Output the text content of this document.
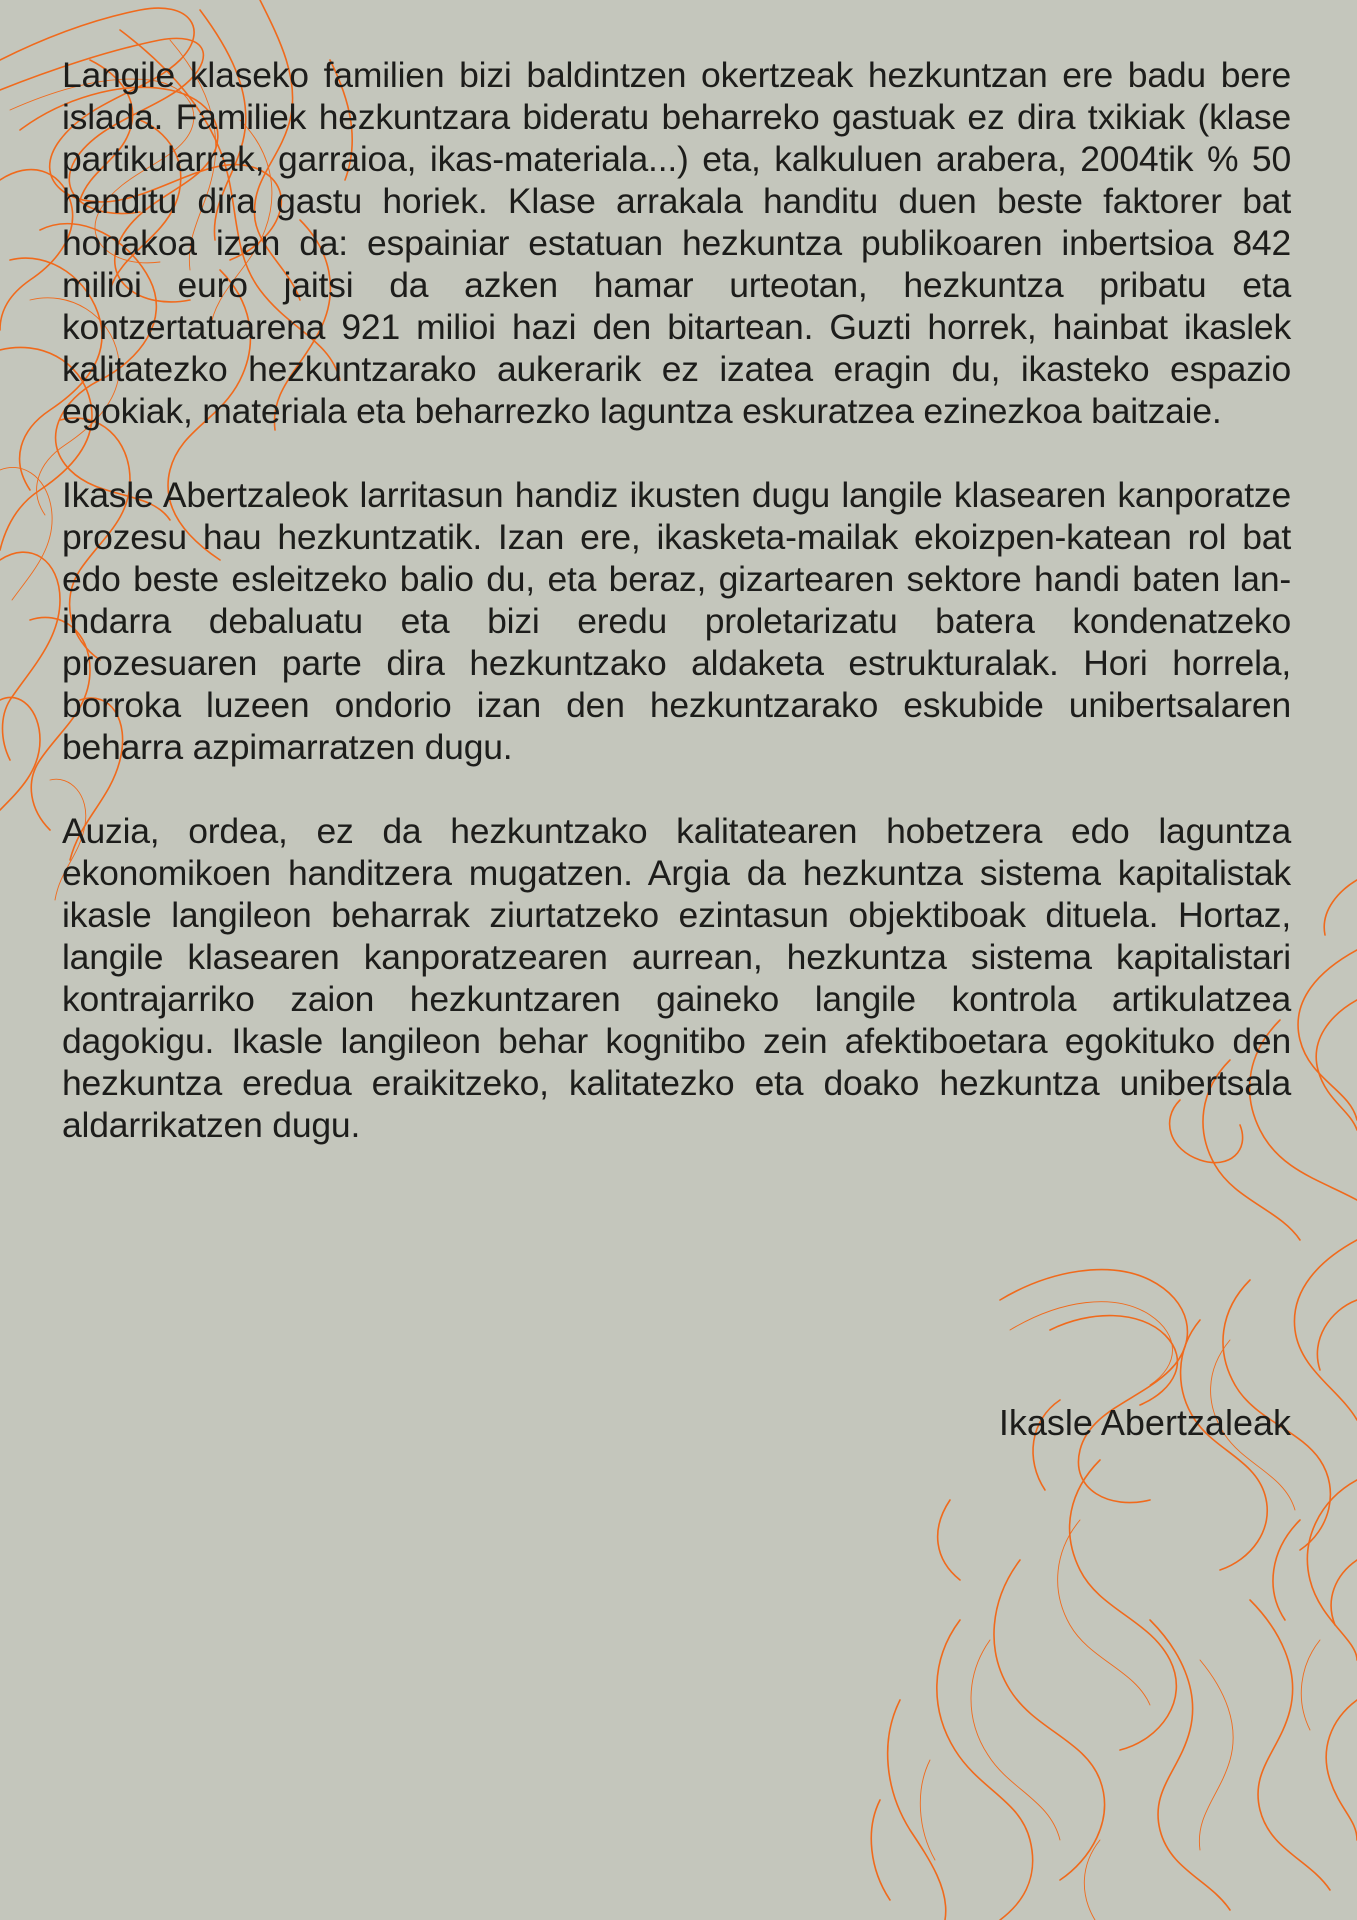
Langile klaseko familien bizi baldintzen okertzeak hezkuntzan ere badu bere islada. Familiek hezkuntzara bideratu beharreko gastuak ez dira txikiak (klase partikularrak, garraioa, ikas-materiala...) eta, kalkuluen arabera, 2004tik % 50 handitu dira gastu horiek. Klase arrakala handitu duen beste faktorer bat honakoa izan da: espainiar estatuan hezkuntza publikoaren inbertsioa 842 milioi euro jaitsi da azken hamar urteotan, hezkuntza pribatu eta kontzertatuarena 921 milioi hazi den bitartean. Guzti horrek, hainbat ikaslek kalitatezko hezkuntzarako aukerarik ez izatea eragin du, ikasteko espazio egokiak, materiala eta beharrezko laguntza eskuratzea ezinezkoa baitzaie.

Ikasle Abertzaleok larritasun handiz ikusten dugu langile klasearen kanporatze prozesu hau hezkuntzatik. Izan ere, ikasketa-mailak ekoizpen-katean rol bat edo beste esleitzeko balio du, eta beraz, gizartearen sektore handi baten lan-indarra debaluatu eta bizi eredu proletarizatu batera kondenatzeko prozesuaren parte dira hezkuntzako aldaketa estrukturalak. Hori horrela, borroka luzeen ondorio izan den hezkuntzarako eskubide unibertsalaren beharra azpimarratzen dugu.

Auzia, ordea, ez da hezkuntzako kalitatearen hobetzera edo laguntza ekonomikoen handitzera mugatzen. Argia da hezkuntza sistema kapitalistak ikasle langileon beharrak ziurtatzeko ezintasun objektiboak dituela. Hortaz, langile klasearen kanporatzearen aurrean, hezkuntza sistema kapitalistari kontrajarriko zaion hezkuntzaren gaineko langile kontrola artikulatzea dagokigu. Ikasle langileon behar kognitibo zein afektiboetara egokituko den hezkuntza eredua eraikitzeko, kalitatezko eta doako hezkuntza unibertsala aldarrikatzen dugu.

Ikasle Abertzaleak
